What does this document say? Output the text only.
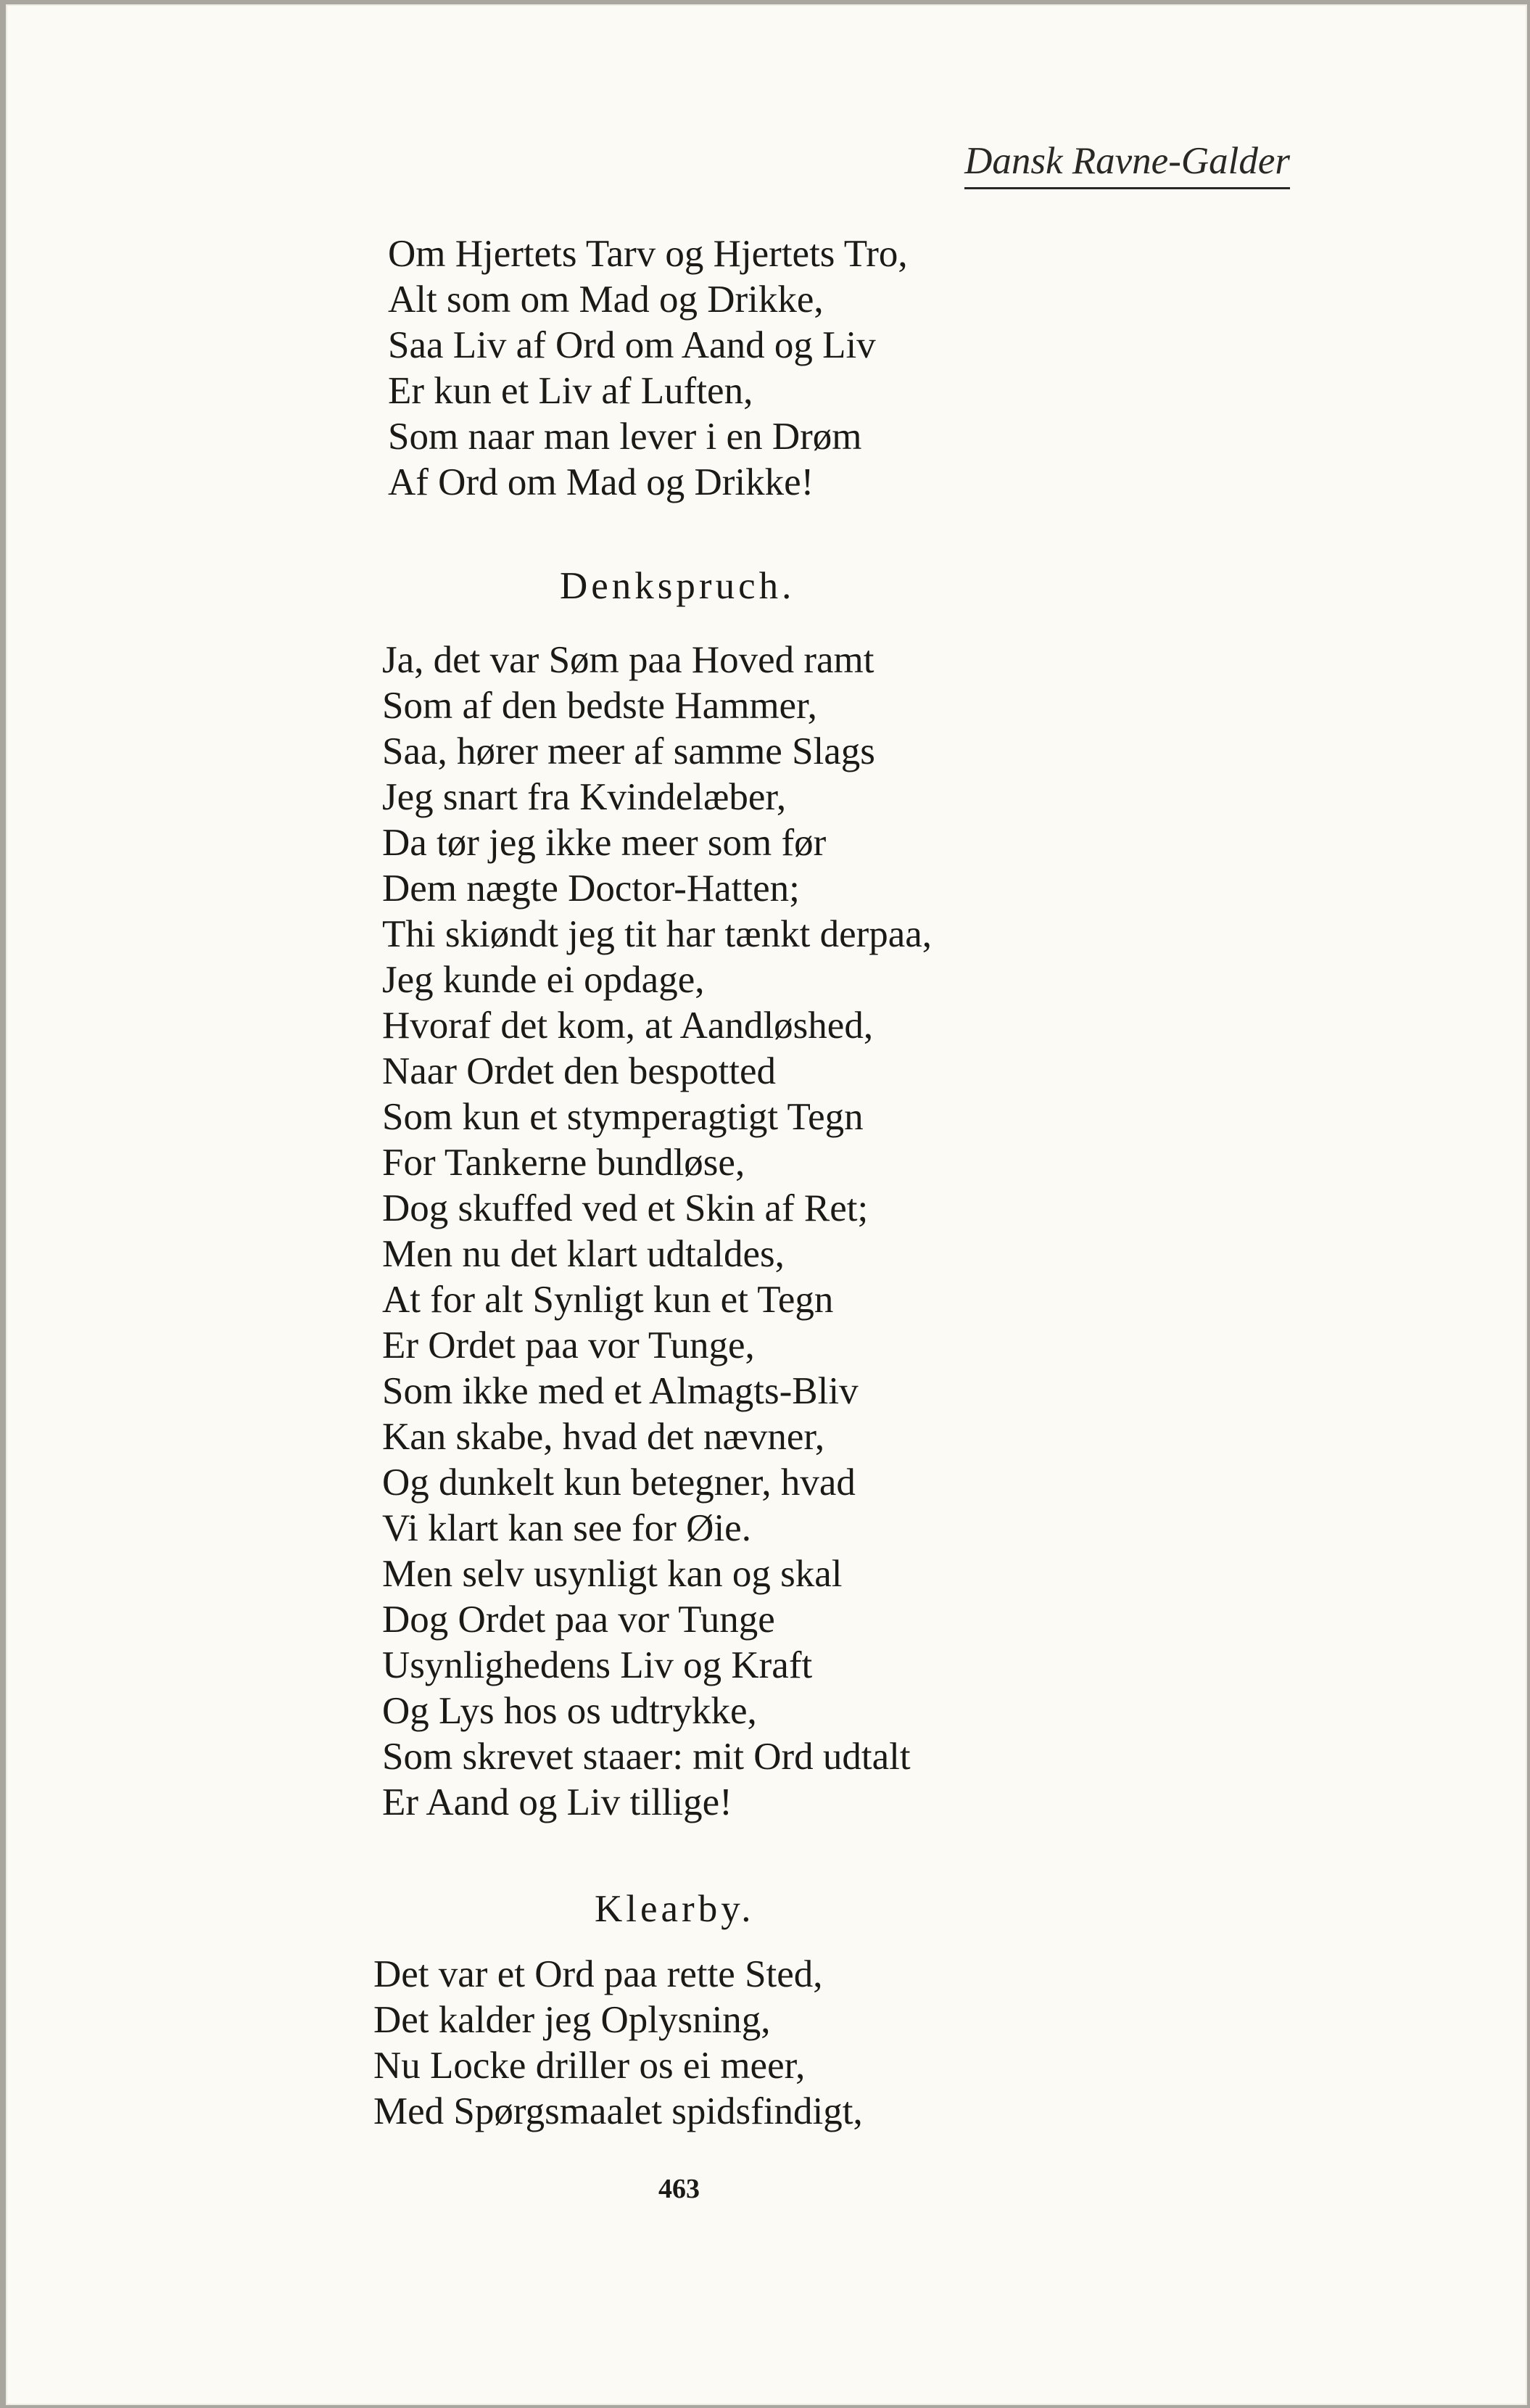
Dansk Ravne-Galder
Om Hjertets Tarv og Hjertets Tro,
Alt som om Mad og Drikke,
Saa Liv af Ord om Aand og Liv
Er kun et Liv af Luften,
Som naar man lever i en Drøm
Af Ord om Mad og Drikke!
Denkspruch.
Ja, det var Søm paa Hoved ramt
Som af den bedste Hammer,
Saa, hører meer af samme Slags
Jeg snart fra Kvindelæber,
Da tør jeg ikke meer som før
Dem nægte Doctor-Hatten;
Thi skiøndt jeg tit har tænkt derpaa,
Jeg kunde ei opdage,
Hvoraf det kom, at Aandløshed,
Naar Ordet den bespotted
Som kun et stymperagtigt Tegn
For Tankerne bundløse,
Dog skuffed ved et Skin af Ret;
Men nu det klart udtaldes,
At for alt Synligt kun et Tegn
Er Ordet paa vor Tunge,
Som ikke med et Almagts-Bliv
Kan skabe, hvad det nævner,
Og dunkelt kun betegner, hvad
Vi klart kan see for Øie.
Men selv usynligt kan og skal
Dog Ordet paa vor Tunge
Usynlighedens Liv og Kraft
Og Lys hos os udtrykke,
Som skrevet staaer: mit Ord udtalt
Er Aand og Liv tillige!
Klearby.
Det var et Ord paa rette Sted,
Det kalder jeg Oplysning,
Nu Locke driller os ei meer,
Med Spørgsmaalet spidsfindigt,
463
